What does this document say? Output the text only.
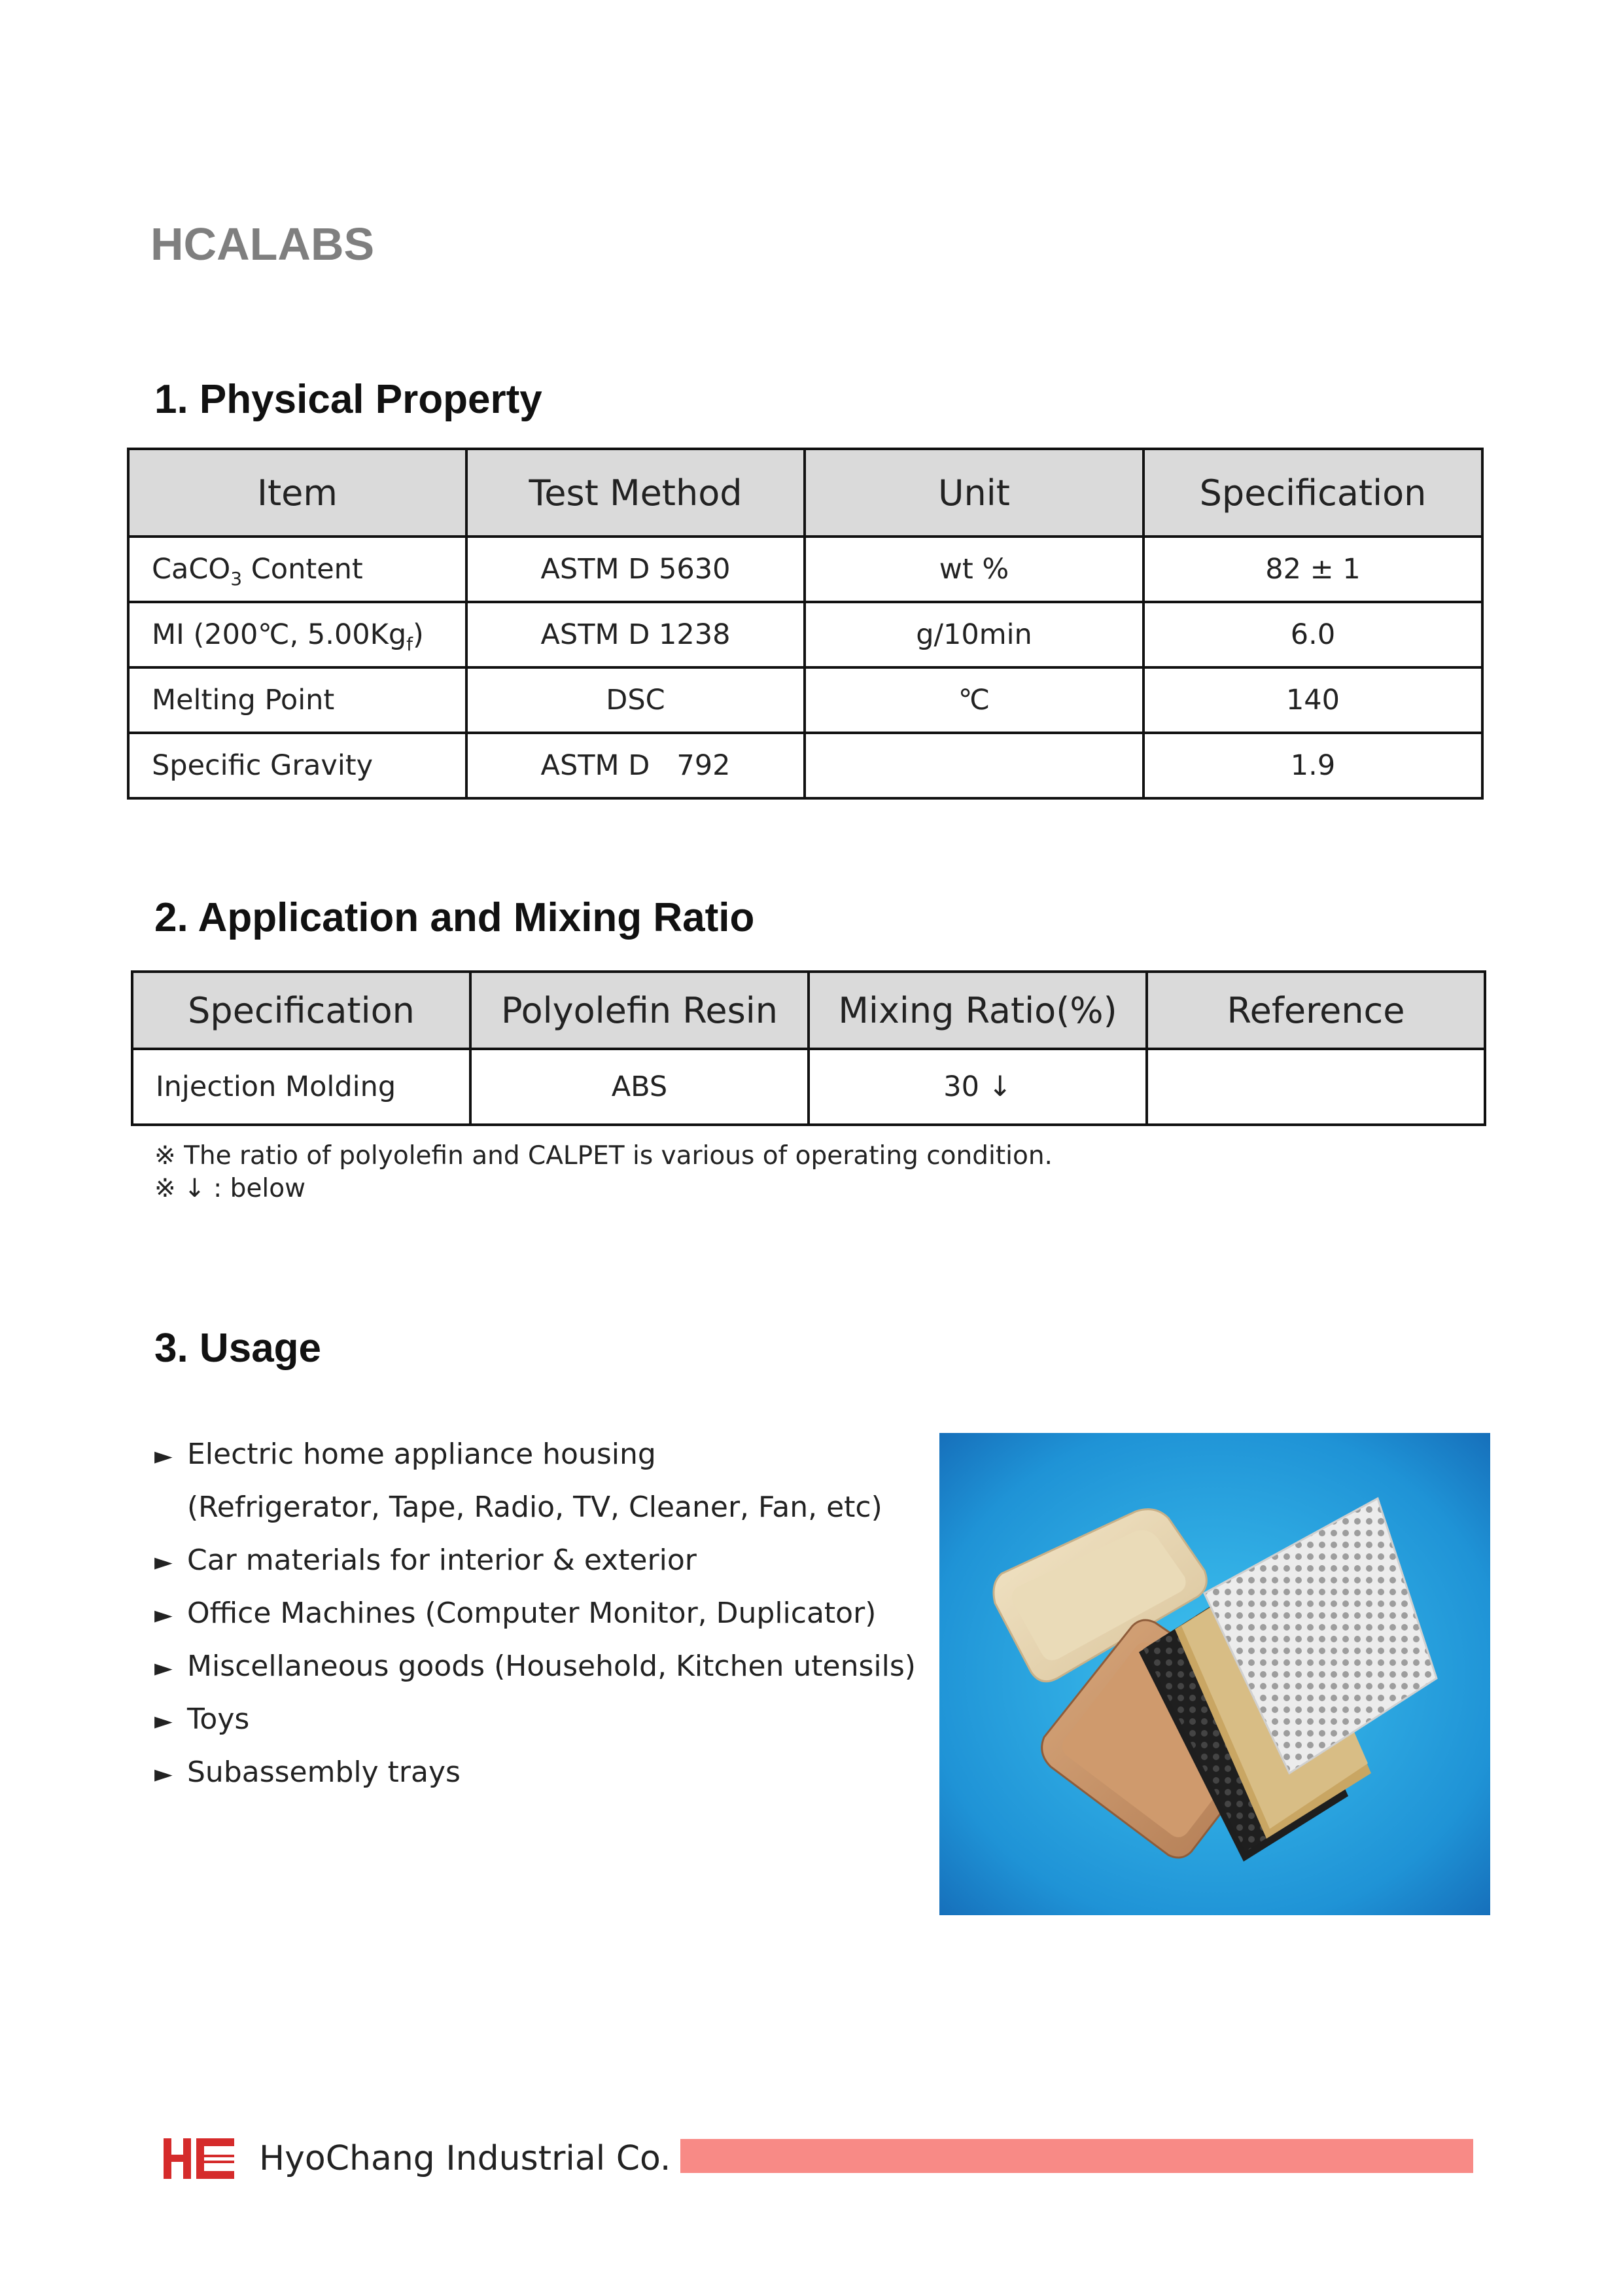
HCALABS
1. Physical Property
Item	Test Method	Unit	Specification
CaCO$_3$ Content	ASTM D 5630	wt %	82 ± 1
MI (200℃, $5.00Kg_f$)	ASTM D 1238	g/10min	6.0
Melting Point	DSC	℃	140
Specific Gravity	ASTM D   792		1.9
2. Application and Mixing Ratio
Specification	Polyolefin Resin	Mixing Ratio(%)	Reference
Injection Molding	ABS	30 ↓	
※ The ratio of polyolefin and CALPET is various of operating condition.
※ ↓ : below
3. Usage
► Electric home appliance housing
(Refrigerator, Tape, Radio, TV, Cleaner, Fan, etc)
► Car materials for interior & exterior
► Office Machines (Computer Monitor, Duplicator)
► Miscellaneous goods (Household, Kitchen utensils)
► Toys
► Subassembly trays
HyoChang Industrial Co.
